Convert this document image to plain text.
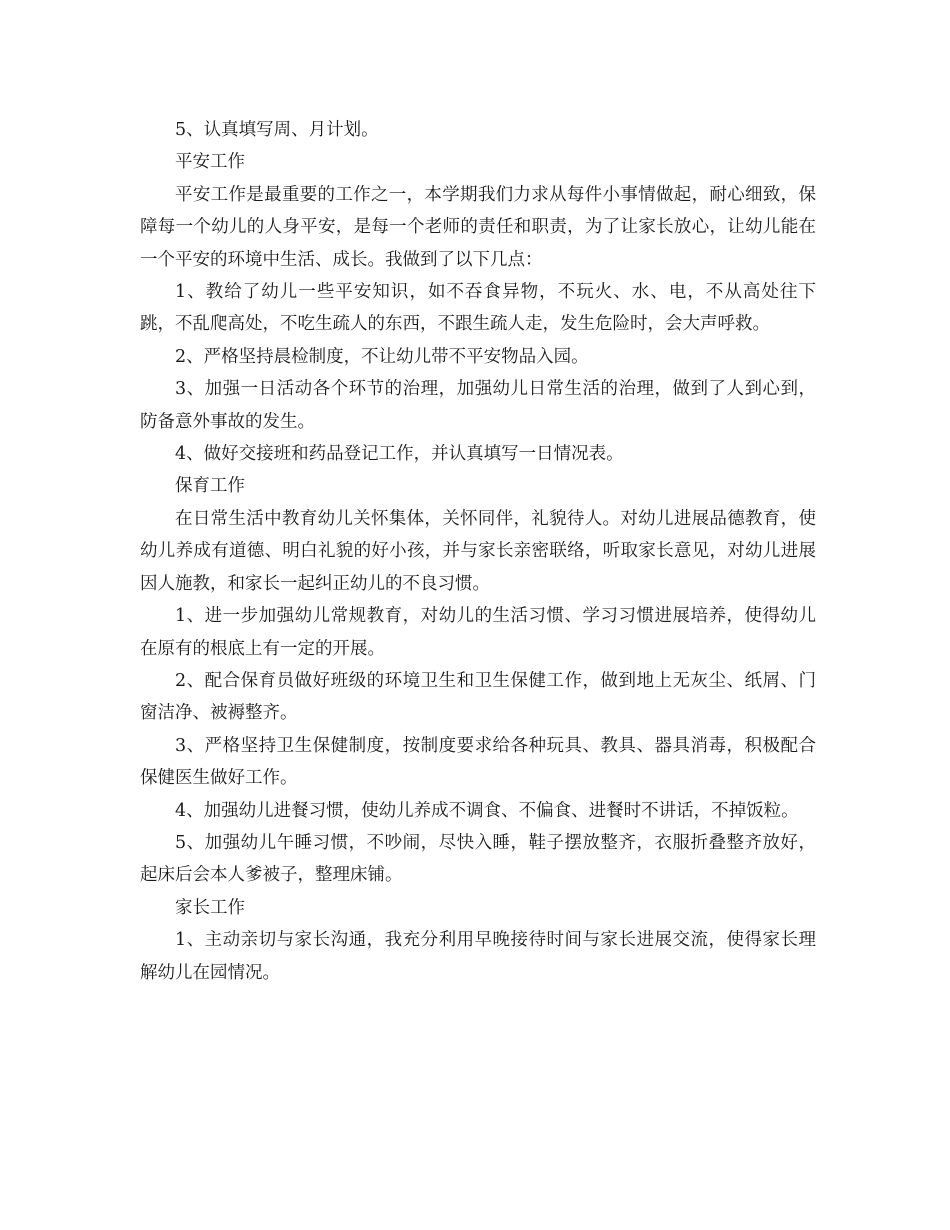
5、认真填写周、月计划。

平安工作

平安工作是最重要的工作之一，本学期我们力求从每件小事情做起，耐心细致，保障每一个幼儿的人身平安，是每一个老师的责任和职责，为了让家长放心，让幼儿能在一个平安的环境中生活、成长。我做到了以下几点：

1、教给了幼儿一些平安知识，如不吞食异物，不玩火、水、电，不从高处往下跳，不乱爬高处，不吃生疏人的东西，不跟生疏人走，发生危险时，会大声呼救。

2、严格坚持晨检制度，不让幼儿带不平安物品入园。

3、加强一日活动各个环节的治理，加强幼儿日常生活的治理，做到了人到心到，防备意外事故的发生。

4、做好交接班和药品登记工作，并认真填写一日情况表。

保育工作

在日常生活中教育幼儿关怀集体，关怀同伴，礼貌待人。对幼儿进展品德教育，使幼儿养成有道德、明白礼貌的好小孩，并与家长亲密联络，听取家长意见，对幼儿进展因人施教，和家长一起纠正幼儿的不良习惯。

1、进一步加强幼儿常规教育，对幼儿的生活习惯、学习习惯进展培养，使得幼儿在原有的根底上有一定的开展。

2、配合保育员做好班级的环境卫生和卫生保健工作，做到地上无灰尘、纸屑、门窗洁净、被褥整齐。

3、严格坚持卫生保健制度，按制度要求给各种玩具、教具、器具消毒，积极配合保健医生做好工作。

4、加强幼儿进餐习惯，使幼儿养成不调食、不偏食、进餐时不讲话，不掉饭粒。

5、加强幼儿午睡习惯，不吵闹，尽快入睡，鞋子摆放整齐，衣服折叠整齐放好，起床后会本人爹被子，整理床铺。

家长工作

1、主动亲切与家长沟通，我充分利用早晚接待时间与家长进展交流，使得家长理解幼儿在园情况。
